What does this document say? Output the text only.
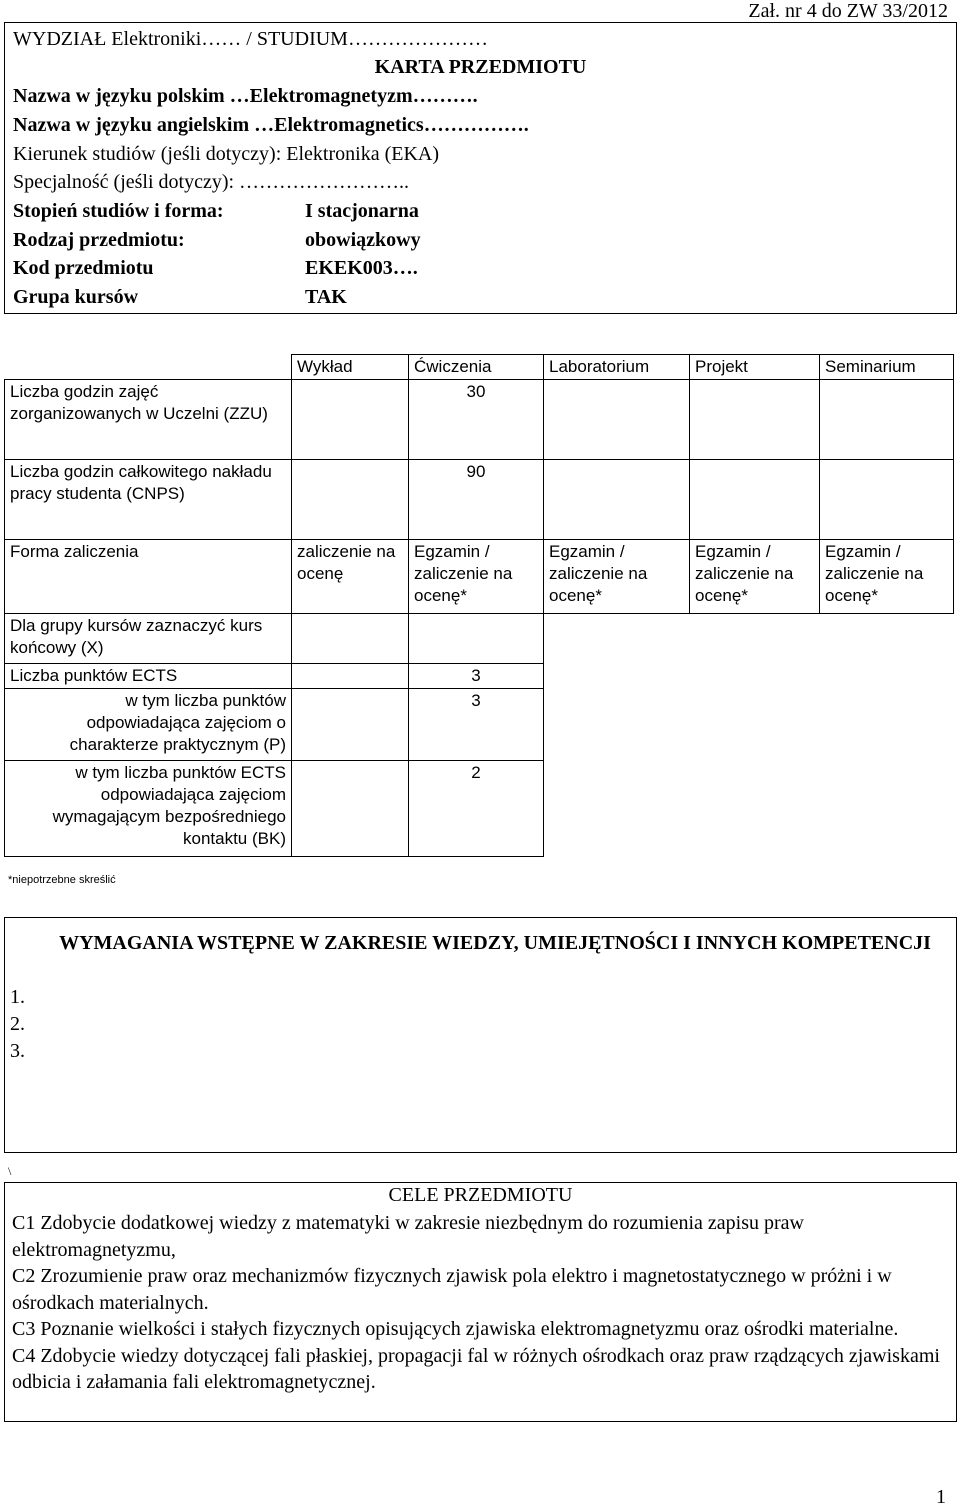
Zał. nr 4 do ZW 33/2012
WYDZIAŁ Elektroniki…… / STUDIUM…………………
KARTA PRZEDMIOTU
Nazwa w języku polskim …Elektromagnetyzm……….
Nazwa w języku angielskim …Elektromagnetics…………….
Kierunek studiów (jeśli dotyczy): Elektronika (EKA)
Specjalność (jeśli dotyczy): ……………………..
Stopień studiów i forma:	I stacjonarna
Rodzaj przedmiotu:	obowiązkowy
Kod przedmiotu	EKEK003….
Grupa kursów	TAK
	Wykład	Ćwiczenia	Laboratorium	Projekt	Seminarium
Liczba godzin zajęć zorganizowanych w Uczelni (ZZU)		30			
Liczba godzin całkowitego nakładu pracy studenta (CNPS)		90			
Forma zaliczenia	zaliczenie na ocenę	Egzamin / zaliczenie na ocenę*	Egzamin / zaliczenie na ocenę*	Egzamin / zaliczenie na ocenę*	Egzamin / zaliczenie na ocenę*
Dla grupy kursów zaznaczyć kurs końcowy (X)					
Liczba punktów ECTS		3			
w tym liczba punktów odpowiadająca zajęciom o charakterze praktycznym (P)		3			
w tym liczba punktów ECTS odpowiadająca zajęciom wymagającym bezpośredniego kontaktu (BK)		2			
*niepotrzebne skreślić
WYMAGANIA WSTĘPNE W ZAKRESIE WIEDZY, UMIEJĘTNOŚCI I INNYCH KOMPETENCJI
1.
2.
3.
\
CELE PRZEDMIOTU
C1 Zdobycie dodatkowej wiedzy z matematyki w zakresie niezbędnym do rozumienia zapisu praw elektromagnetyzmu,
C2 Zrozumienie praw oraz mechanizmów fizycznych zjawisk pola elektro i magnetostatycznego w próżni i w ośrodkach materialnych.
C3 Poznanie wielkości i stałych fizycznych opisujących zjawiska elektromagnetyzmu oraz ośrodki materialne.
C4 Zdobycie wiedzy dotyczącej fali płaskiej, propagacji fal w różnych ośrodkach oraz praw rządzących zjawiskami odbicia i załamania fali elektromagnetycznej.
1
